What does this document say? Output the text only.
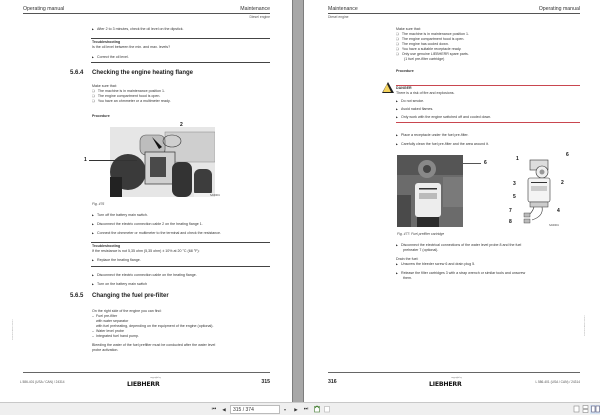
Operating manual	Maintenance
Diesel engine
▶ After 2 to 3 minutes, check the oil level on the dipstick.
Troubleshooting
Is the oil level between the min. and max. levels?
▶ Correct the oil level.
5.6.4 Checking the engine heating flange
Make sure that:
❑ The machine is in maintenance position 1.
❑ The engine compartment hood is open.
❑ You have an ohmmeter or a multimeter ready.
Procedure
1
2
SA00001
Fig. 476
▶ Turn off the battery main switch.
▶ Disconnect the electric connection cable 2 on the heating flange 1.
▶ Connect the ohmmeter or multimeter to the terminal and check the resistance.
Troubleshooting
If the resistance is not 5,35 ohm (5,35 ohm) ± 10% at 20 °C (68 °F):
▶ Replace the heating flange.
▶ Disconnect the electric connection cable on the heating flange.
▶ Turn on the battery main switch
5.6.5 Changing the fuel pre-filter
On the right side of the engine you can find:
–  Fuel pre-filter
with water separator
with fuel preheating, depending on the equipment of the engine (optional).
–  Water level probe
–  Integrated fuel hand pump.
Bleeding the water of the fuel prefilter must be conducted after the water level
probe activation.
L586-401/B2/01/2014/1
L 586-401 (USA / CAN) / 24314
copyright by
LIEBHERR	315
Maintenance	Operating manual
Diesel engine
Make sure that:
❑ The machine is in maintenance position 1.
❑ The engine compartment hood is open.
❑ The engine has cooled down.
❑ You have a suitable receptacle ready.
❑ Only use genuine LIEBHERR spare parts.
(1 fuel pre-filter cartridge)
Procedure
! DANGER
There is a risk of fire and explosions.
▶ Do not smoke.
▶ Avoid naked flames.
▶ Only work with the engine switched off and cooled down.
▶ Place a receptacle under the fuel pre-filter.
▶ Carefully clean the fuel pre-filter and the area around it.
6
1
6
2
3
5
4
7
8
SA00001
Fig. 477: Fuel prefilter cartridge
▶ Disconnect the electrical connections of the water level probe 8 and the fuel
preheater 7 (optional).
Drain the fuel:
▶ Unscrew the bleeder screw 6 and drain plug 5.
▶ Release the filter cartridges 3 with a strap wrench or similar tools and unscrew
them.
L586-401/B2/01/2014/1
316
copyright by
LIEBHERR	L 586-401 (USA / CAN) / 24314
⏮	◀
315 / 374	▾	▶	⏭
